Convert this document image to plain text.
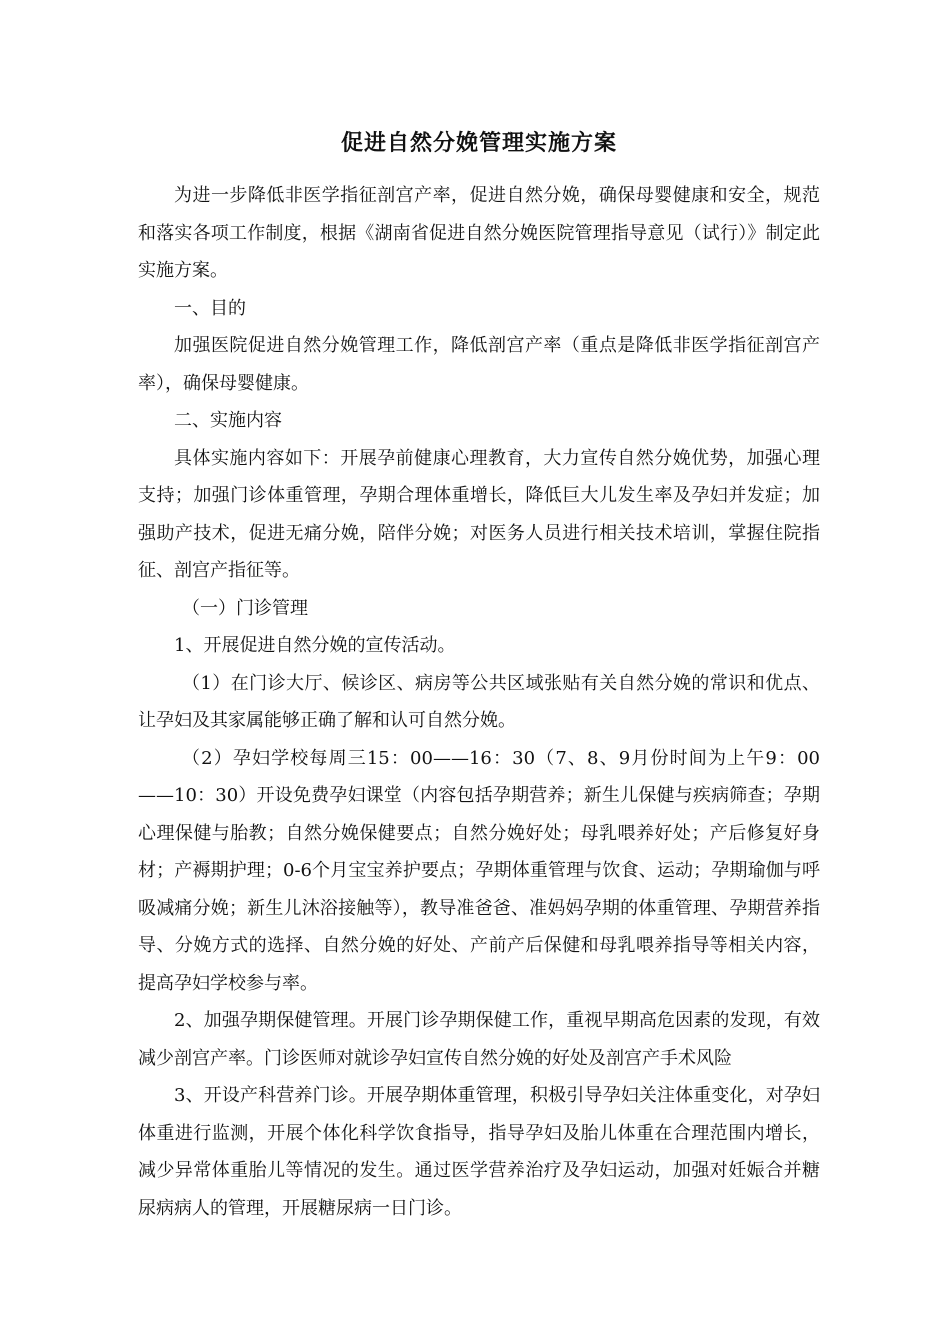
促进自然分娩管理实施方案

为进一步降低非医学指征剖宫产率，促进自然分娩，确保母婴健康和安全，规范和落实各项工作制度，根据《湖南省促进自然分娩医院管理指导意见（试行）》制定此实施方案。

一、目的

加强医院促进自然分娩管理工作，降低剖宫产率（重点是降低非医学指征剖宫产率），确保母婴健康。

二、实施内容

具体实施内容如下：开展孕前健康心理教育，大力宣传自然分娩优势，加强心理支持；加强门诊体重管理，孕期合理体重增长，降低巨大儿发生率及孕妇并发症；加强助产技术，促进无痛分娩，陪伴分娩；对医务人员进行相关技术培训，掌握住院指征、剖宫产指征等。

（一）门诊管理

1、开展促进自然分娩的宣传活动。

（1）在门诊大厅、候诊区、病房等公共区域张贴有关自然分娩的常识和优点、让孕妇及其家属能够正确了解和认可自然分娩。

（2）孕妇学校每周三15：00——16：30（7、8、9月份时间为上午9：00——10：30）开设免费孕妇课堂（内容包括孕期营养；新生儿保健与疾病筛查；孕期心理保健与胎教；自然分娩保健要点；自然分娩好处；母乳喂养好处；产后修复好身材；产褥期护理；0-6个月宝宝养护要点；孕期体重管理与饮食、运动；孕期瑜伽与呼吸减痛分娩；新生儿沐浴接触等），教导准爸爸、准妈妈孕期的体重管理、孕期营养指导、分娩方式的选择、自然分娩的好处、产前产后保健和母乳喂养指导等相关内容，提高孕妇学校参与率。

2、加强孕期保健管理。开展门诊孕期保健工作，重视早期高危因素的发现，有效减少剖宫产率。门诊医师对就诊孕妇宣传自然分娩的好处及剖宫产手术风险

3、开设产科营养门诊。开展孕期体重管理，积极引导孕妇关注体重变化，对孕妇体重进行监测，开展个体化科学饮食指导，指导孕妇及胎儿体重在合理范围内增长，减少异常体重胎儿等情况的发生。通过医学营养治疗及孕妇运动，加强对妊娠合并糖尿病病人的管理，开展糖尿病一日门诊。
